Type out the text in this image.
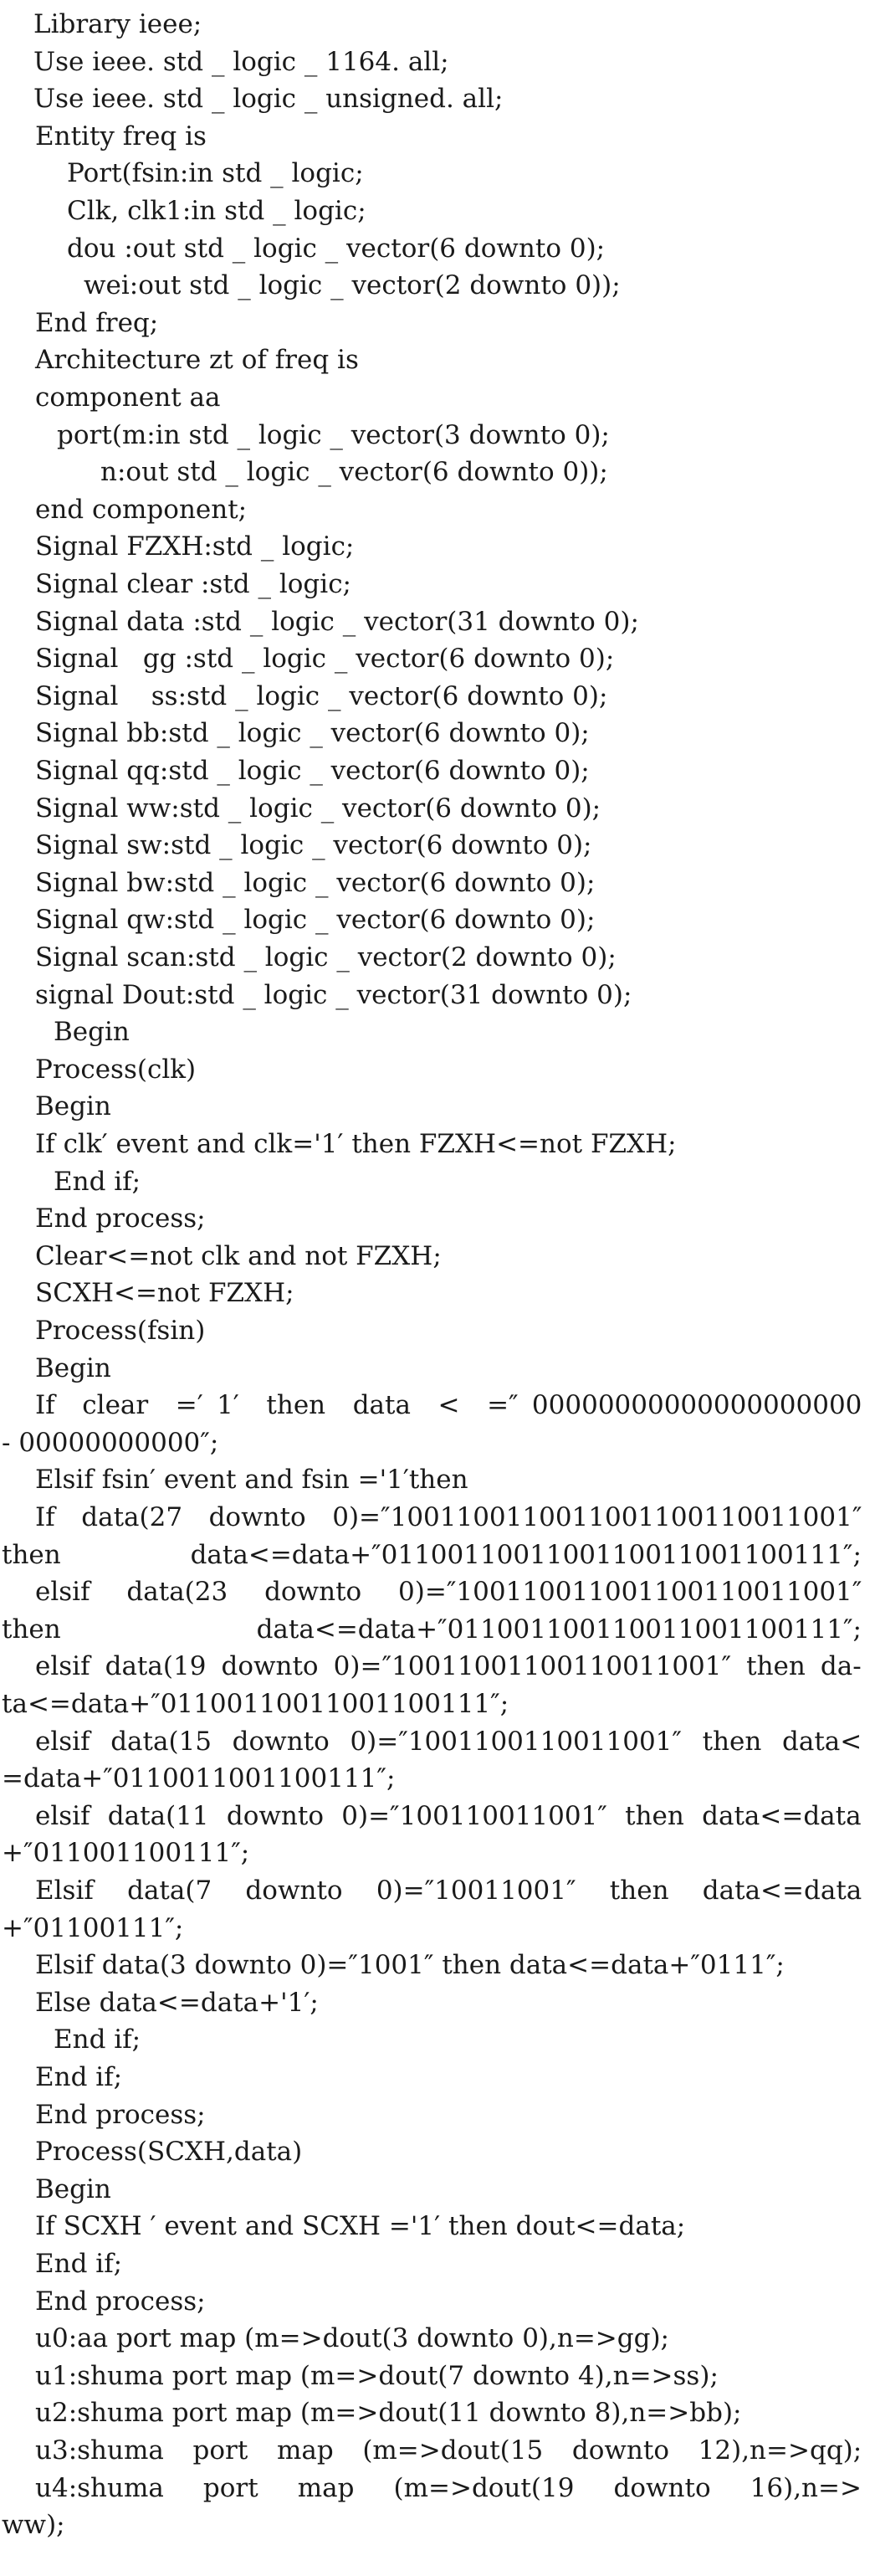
Library ieee;
Use ieee. std _ logic _ 1164. all;
Use ieee. std _ logic _ unsigned. all;
Entity freq is
Port(fsin:in std _ logic;
Clk, clk1:in std _ logic;
dou :out std _ logic _ vector(6 downto 0);
wei:out std _ logic _ vector(2 downto 0));
End freq;
Architecture zt of freq is
component aa
port(m:in std _ logic _ vector(3 downto 0);
n:out std _ logic _ vector(6 downto 0));
end component;
Signal FZXH:std _ logic;
Signal clear :std _ logic;
Signal data :std _ logic _ vector(31 downto 0);
Signal   gg :std _ logic _ vector(6 downto 0);
Signal    ss:std _ logic _ vector(6 downto 0);
Signal bb:std _ logic _ vector(6 downto 0);
Signal qq:std _ logic _ vector(6 downto 0);
Signal ww:std _ logic _ vector(6 downto 0);
Signal sw:std _ logic _ vector(6 downto 0);
Signal bw:std _ logic _ vector(6 downto 0);
Signal qw:std _ logic _ vector(6 downto 0);
Signal scan:std _ logic _ vector(2 downto 0);
signal Dout:std _ logic _ vector(31 downto 0);
Begin
Process(clk)
Begin
If clk′ event and clk='1′ then FZXH<=not FZXH;
End if;
End process;
Clear<=not clk and not FZXH;
SCXH<=not FZXH;
Process(fsin)
Begin
If  clear  =′ 1′  then  data  <  =″ 00000000000000000000
- 00000000000″;
Elsif fsin′ event and fsin ='1′then
If data(27 downto 0)=″1001100110011001100110011001″
then data<=data+″0110011001100110011001100111″;
elsif data(23 downto 0)=″100110011001100110011001″
then data<=data+″011001100110011001100111″;
elsif data(19 downto 0)=″10011001100110011001″ then da-
ta<=data+″01100110011001100111″;
elsif data(15 downto 0)=″1001100110011001″ then data<
=data+″0110011001100111″;
elsif data(11 downto 0)=″100110011001″ then data<=data
+″011001100111″;
Elsif data(7 downto 0)=″10011001″ then data<=data
+″01100111″;
Elsif data(3 downto 0)=″1001″ then data<=data+″0111″;
Else data<=data+'1′;
End if;
End if;
End process;
Process(SCXH,data)
Begin
If SCXH ′ event and SCXH ='1′ then dout<=data;
End if;
End process;
u0:aa port map (m=>dout(3 downto 0),n=>gg);
u1:shuma port map (m=>dout(7 downto 4),n=>ss);
u2:shuma port map (m=>dout(11 downto 8),n=>bb);
u3:shuma port map (m=>dout(15 downto 12),n=>qq);
u4:shuma port map (m=>dout(19 downto 16),n=>
ww);
